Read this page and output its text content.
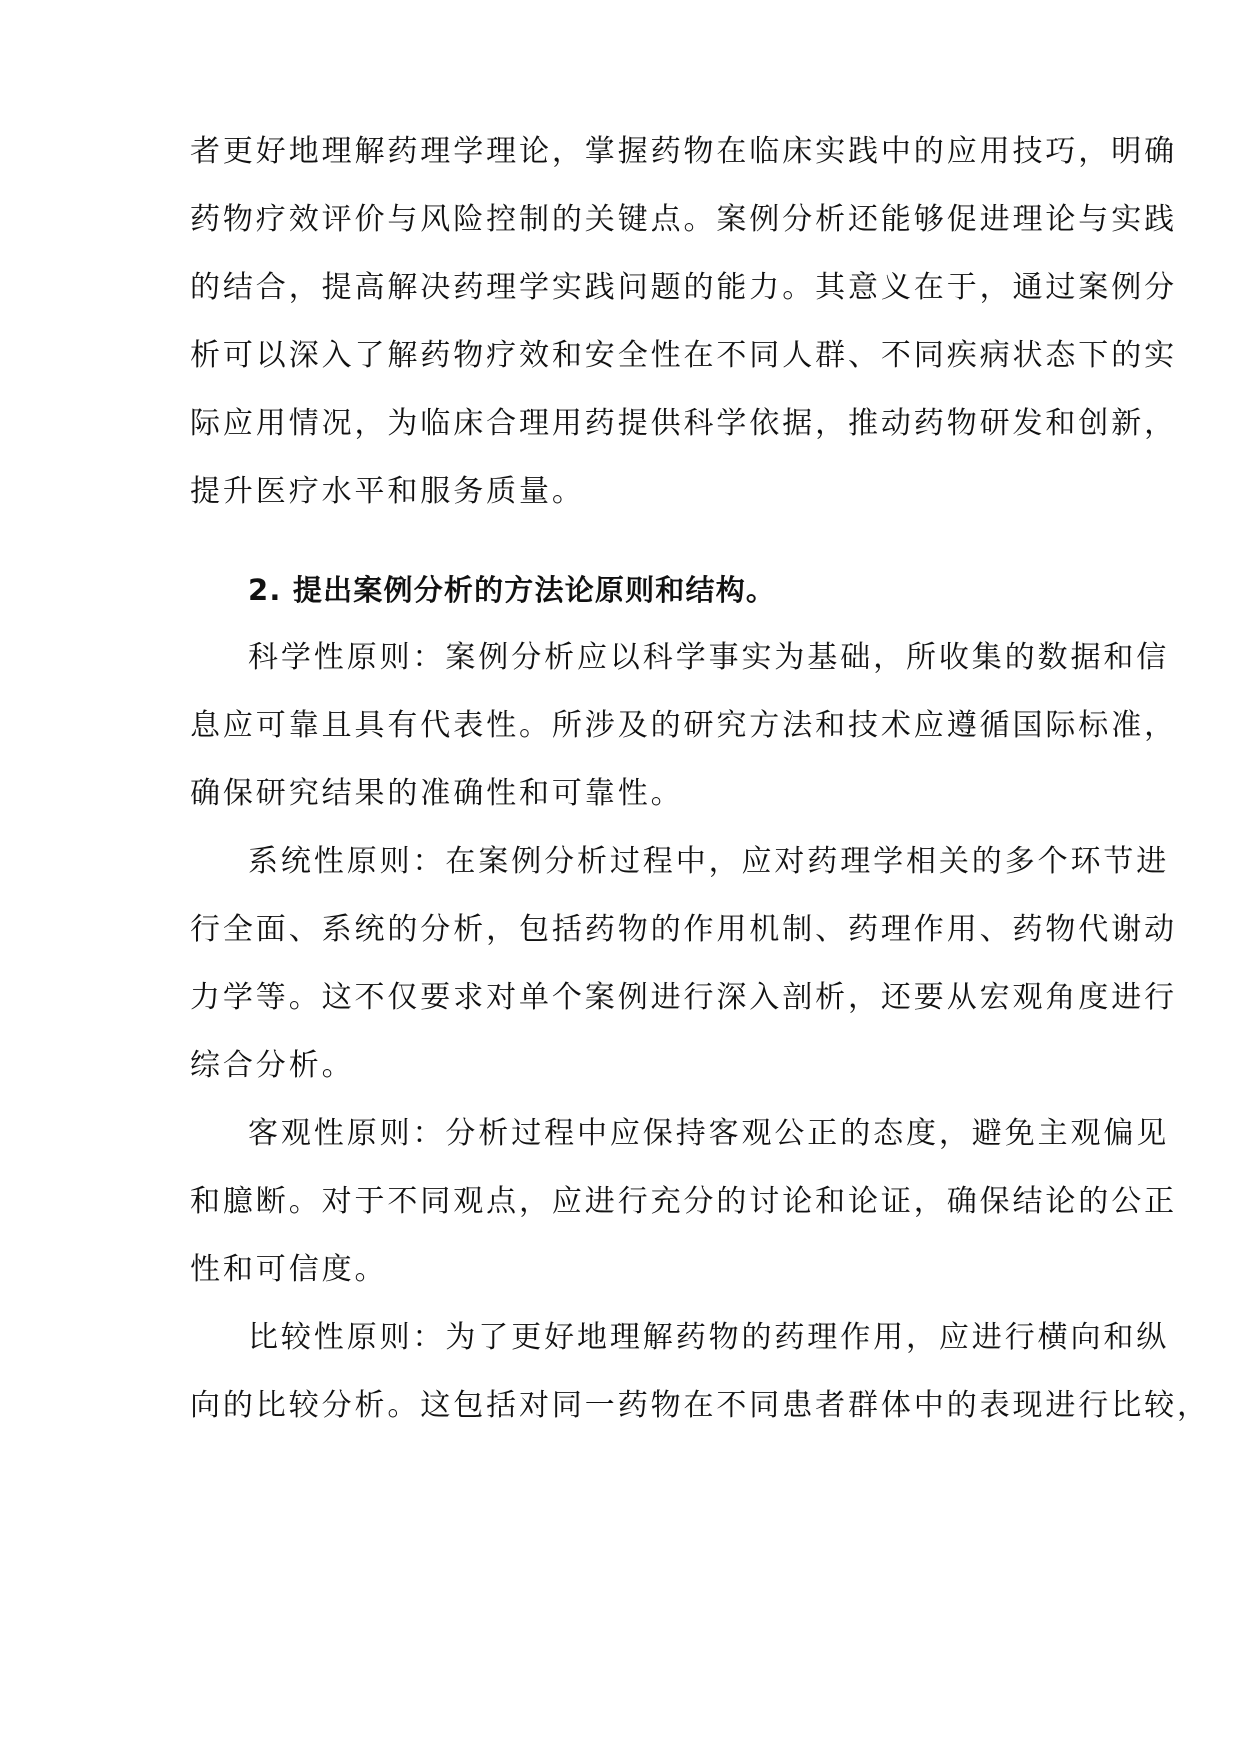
者更好地理解药理学理论，掌握药物在临床实践中的应用技巧，明确
药物疗效评价与风险控制的关键点。案例分析还能够促进理论与实践
的结合，提高解决药理学实践问题的能力。其意义在于，通过案例分
析可以深入了解药物疗效和安全性在不同人群、不同疾病状态下的实
际应用情况，为临床合理用药提供科学依据，推动药物研发和创新，
提升医疗水平和服务质量。
2. 提出案例分析的方法论原则和结构。
科学性原则：案例分析应以科学事实为基础，所收集的数据和信
息应可靠且具有代表性。所涉及的研究方法和技术应遵循国际标准，
确保研究结果的准确性和可靠性。
系统性原则：在案例分析过程中，应对药理学相关的多个环节进
行全面、系统的分析，包括药物的作用机制、药理作用、药物代谢动
力学等。这不仅要求对单个案例进行深入剖析，还要从宏观角度进行
综合分析。
客观性原则：分析过程中应保持客观公正的态度，避免主观偏见
和臆断。对于不同观点，应进行充分的讨论和论证，确保结论的公正
性和可信度。
比较性原则：为了更好地理解药物的药理作用，应进行横向和纵
向的比较分析。这包括对同一药物在不同患者群体中的表现进行比较，
